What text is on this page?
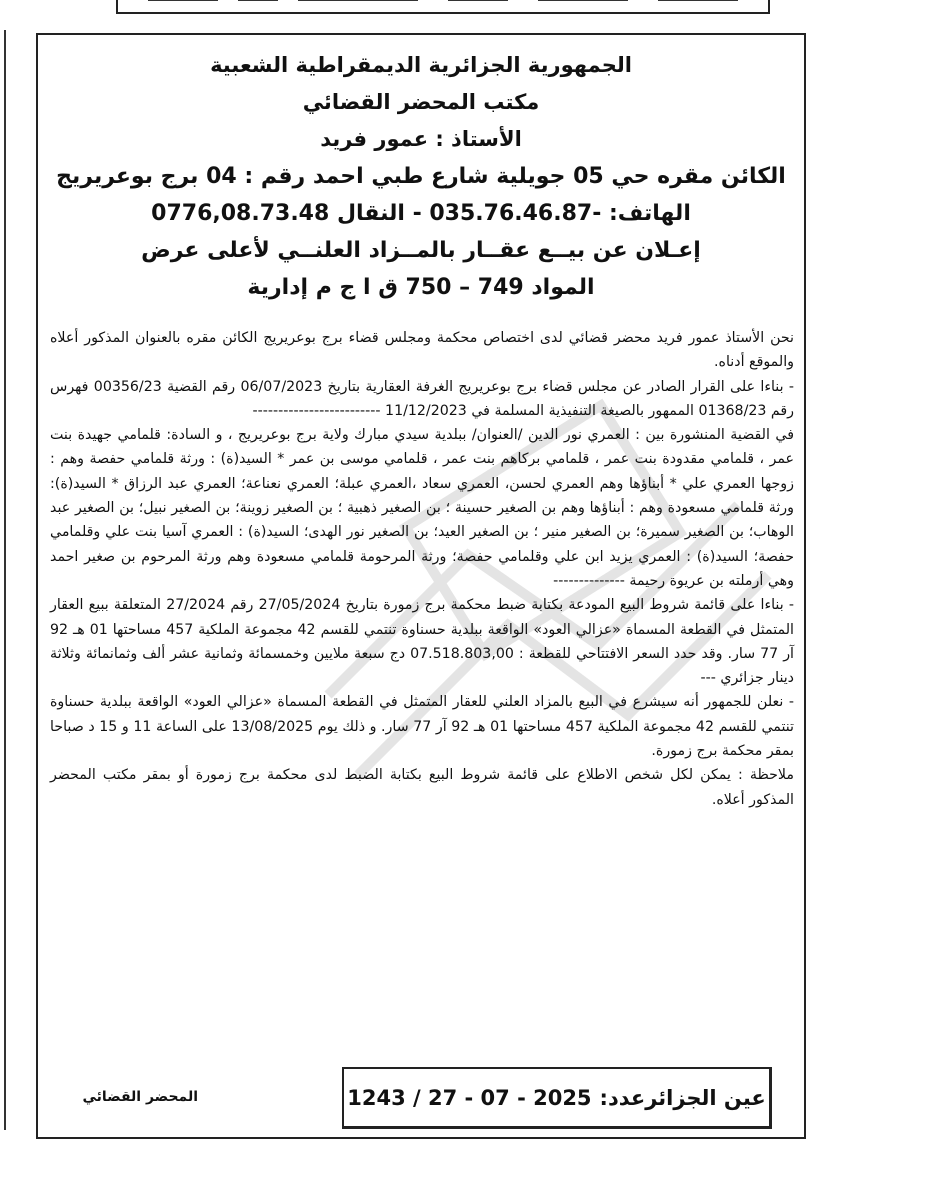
الجمهورية الجزائرية الديمقراطية الشعبية
مكتب المحضر القضائي
الأستاذ : عمور فريد
الكائن مقره حي 05 جويلية شارع طبي احمد رقم : 04 برج بوعريريج
الهاتف: -035.76.46.87 - النقال 0776,08.73.48
إعـلان عن بيــع عقــار بالمــزاد العلنــي لأعلى عرض
المواد 749 – 750 ق ا ج م إدارية

نحن الأستاذ عمور فريد محضر قضائي لدى اختصاص محكمة ومجلس قضاء برج بوعريريج الكائن مقره بالعنوان المذكور أعلاه والموقع أدناه.

- بناءا على القرار الصادر عن مجلس قضاء برج بوعريريج الغرفة العقارية بتاريخ 06/07/2023 رقم القضية 00356/23 فهرس رقم 01368/23 الممهور بالصيغة التنفيذية المسلمة في 11/12/2023 -------------------------

في القضية المنشورة بين : العمري نور الدين /العنوان/ ببلدية سيدي مبارك ولاية برج بوعريريج ، و السادة: قلمامي جهيدة بنت عمر ، قلمامي مقدودة بنت عمر ، قلمامي بركاهم بنت عمر ، قلمامي موسى بن عمر * السيد(ة) : ورثة قلمامي حفصة وهم : زوجها العمري علي * أبناؤها وهم العمري لحسن، العمري سعاد ،العمري عبلة؛ العمري نعناعة؛ العمري عبد الرزاق * السيد(ة): ورثة قلمامي مسعودة وهم : أبناؤها وهم بن الصغير حسينة ؛ بن الصغير ذهبية ؛ بن الصغير زوينة؛ بن الصغير نبيل؛ بن الصغير عبد الوهاب؛ بن الصغير سميرة؛ بن الصغير منير ؛ بن الصغير العيد؛ بن الصغير نور الهدى؛ السيد(ة) : العمري آسيا بنت علي وقلمامي حفصة؛ السيد(ة) : العمري يزيد ابن علي وقلمامي حفصة؛ ورثة المرحومة قلمامي مسعودة وهم ورثة المرحوم بن صغير احمد وهي أرملته بن عريوة رحيمة --------------

- بناءا على قائمة شروط البيع المودعة بكتابة ضبط محكمة برج زمورة بتاريخ 27/05/2024 رقم 27/2024 المتعلقة ببيع العقار المتمثل في القطعة المسماة «عزالي العود» الواقعة ببلدية حسناوة تنتمي للقسم 42 مجموعة الملكية 457 مساحتها 01 هـ 92 آر 77 سار. وقد حدد السعر الافتتاحي للقطعة : 07.518.803,00 دج سبعة ملايين وخمسمائة وثمانية عشر ألف وثمانمائة وثلاثة دينار جزائري ---

- نعلن للجمهور أنه سيشرع في البيع بالمزاد العلني للعقار المتمثل في القطعة المسماة «عزالي العود» الواقعة ببلدية حسناوة تنتمي للقسم 42 مجموعة الملكية 457 مساحتها 01 هـ 92 آر 77 سار. و ذلك يوم 13/08/2025 على الساعة 11 و 15 د صباحا بمقر محكمة برج زمورة.

ملاحظة : يمكن لكل شخص الاطلاع على قائمة شروط البيع بكتابة الضبط لدى محكمة برج زمورة أو بمقر مكتب المحضر المذكور أعلاه.

المحضر القضائي	عين الجزائرعدد:
1243 / 27 - 07 - 2025
